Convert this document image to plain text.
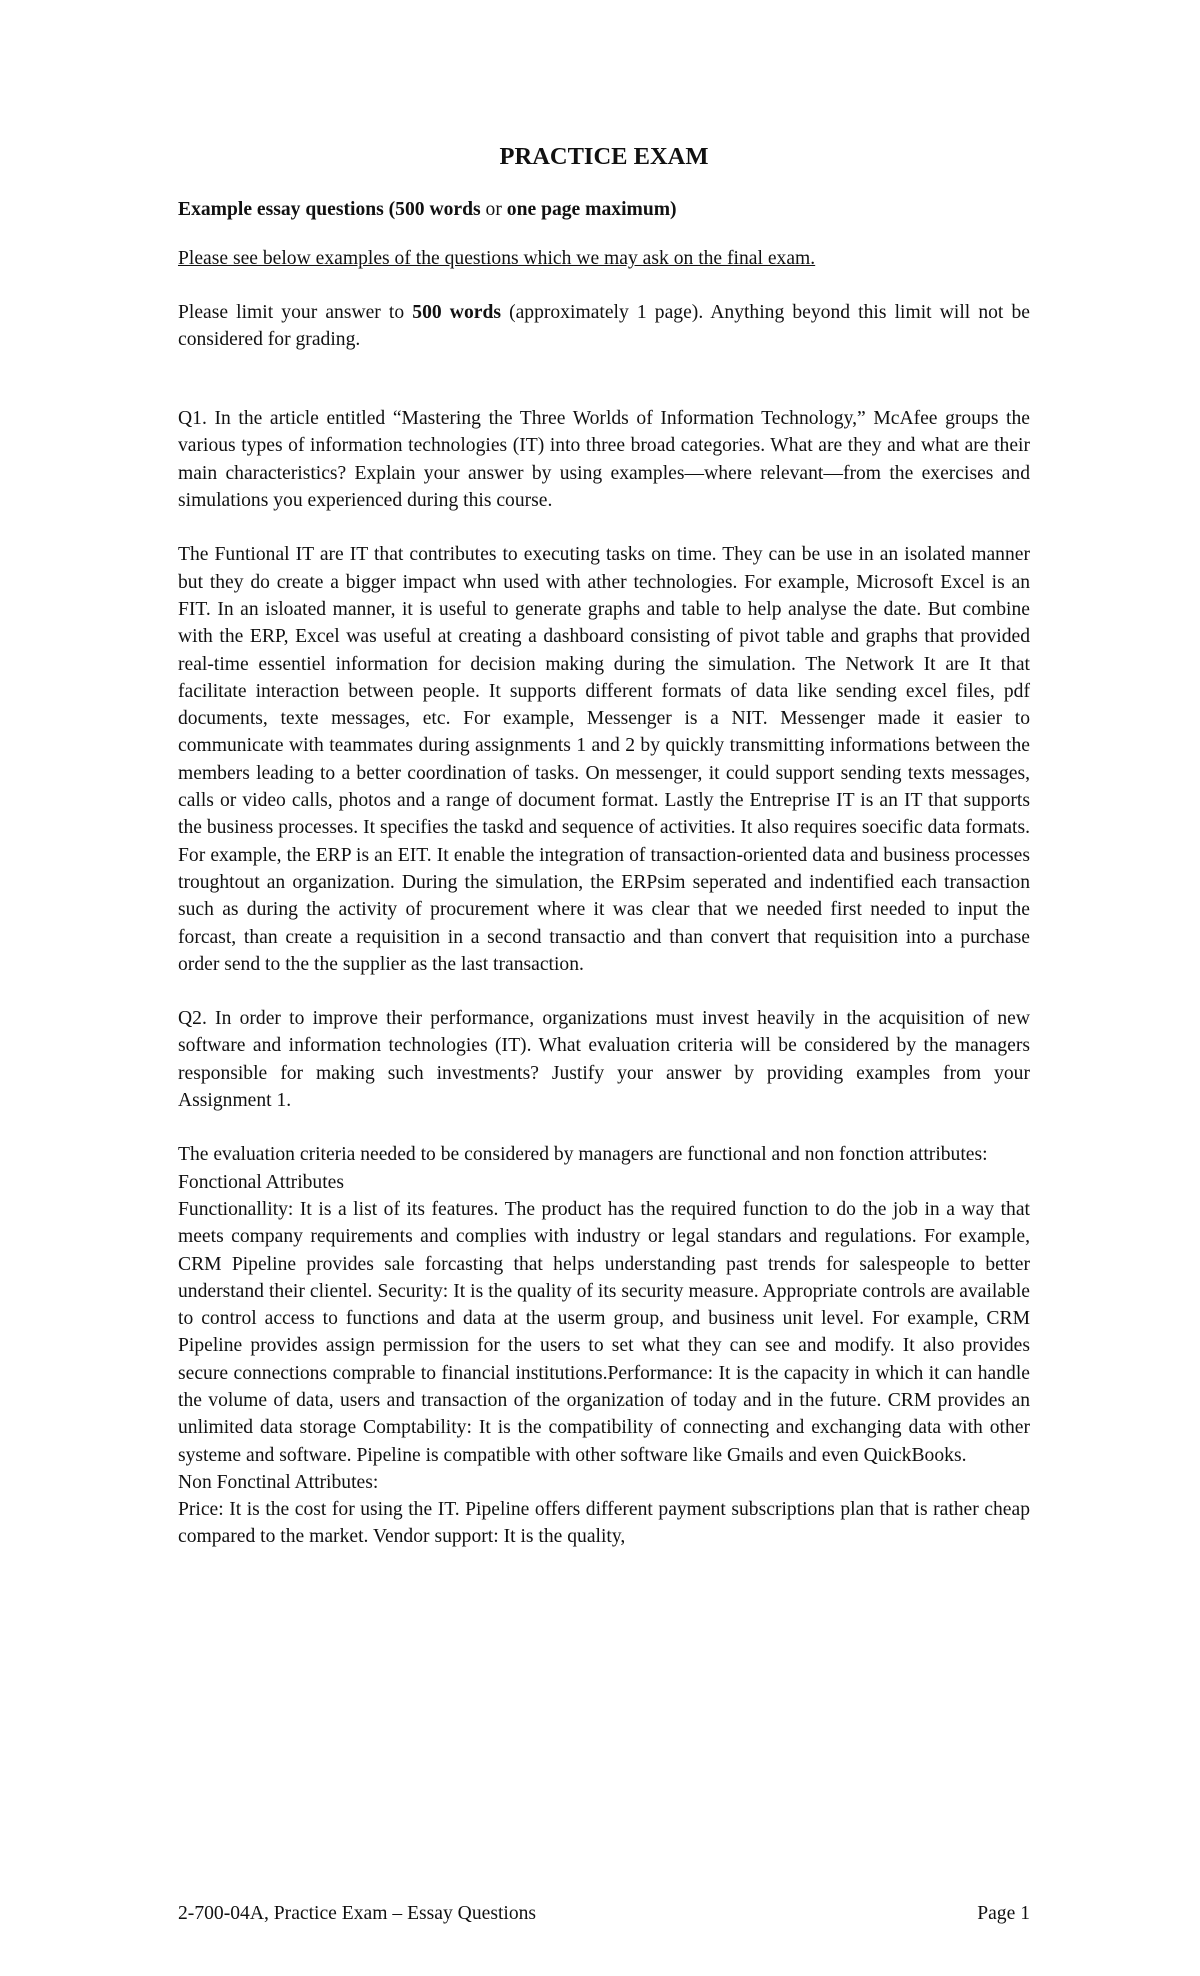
PRACTICE EXAM
Example essay questions (500 words or one page maximum)
Please see below examples of the questions which we may ask on the final exam.

Please limit your answer to 500 words (approximately 1 page). Anything beyond this limit will not be considered for grading.

Q1. In the article entitled “Mastering the Three Worlds of Information Technology,” McAfee groups the various types of information technologies (IT) into three broad categories. What are they and what are their main characteristics? Explain your answer by using examples—where relevant—from the exercises and simulations you experienced during this course.

The Funtional IT are IT that contributes to executing tasks on time. They can be use in an isolated manner but they do create a bigger impact whn used with ather technologies. For example, Microsoft Excel is an FIT. In an isloated manner, it is useful to generate graphs and table to help analyse the date. But combine with the ERP, Excel was useful at creating a dashboard consisting of pivot table and graphs that provided real-time essentiel information for decision making during the simulation. The Network It are It that facilitate interaction between people. It supports different formats of data like sending excel files, pdf documents, texte messages, etc. For example, Messenger is a NIT. Messenger made it easier to communicate with teammates during assignments 1 and 2 by quickly transmitting informations between the members leading to a better coordination of tasks. On messenger, it could support sending texts messages, calls or video calls, photos and a range of document format. Lastly the Entreprise IT is an IT that supports the business processes. It specifies the taskd and sequence of activities. It also requires soecific data formats. For example, the ERP is an EIT. It enable the integration of transaction-oriented data and business processes troughtout an organization. During the simulation, the ERPsim seperated and indentified each transaction such as during the activity of procurement where it was clear that we needed first needed to input the forcast, than create a requisition in a second transactio and than convert that requisition into a purchase order send to the the supplier as the last transaction.

Q2. In order to improve their performance, organizations must invest heavily in the acquisition of new software and information technologies (IT). What evaluation criteria will be considered by the managers responsible for making such investments? Justify your answer by providing examples from your Assignment 1.

The evaluation criteria needed to be considered by managers are functional and non fonction attributes:

Fonctional Attributes

Functionallity: It is a list of its features. The product has the required function to do the job in a way that meets company requirements and complies with industry or legal standars and regulations. For example, CRM Pipeline provides sale forcasting that helps understanding past trends for salespeople to better understand their clientel. Security: It is the quality of its security measure. Appropriate controls are available to control access to functions and data at the userm group, and business unit level. For example, CRM Pipeline provides assign permission for the users to set what they can see and modify. It also provides secure connections comprable to financial institutions.Performance: It is the capacity in which it can handle the volume of data, users and transaction of the organization of today and in the future. CRM provides an unlimited data storage Comptability: It is the compatibility of connecting and exchanging data with other systeme and software. Pipeline is compatible with other software like Gmails and even QuickBooks.

Non Fonctinal Attributes:

Price: It is the cost for using the IT. Pipeline offers different payment subscriptions plan that is rather cheap compared to the market. Vendor support: It is the quality,

2-700-04A, Practice Exam – Essay Questions	Page 1
